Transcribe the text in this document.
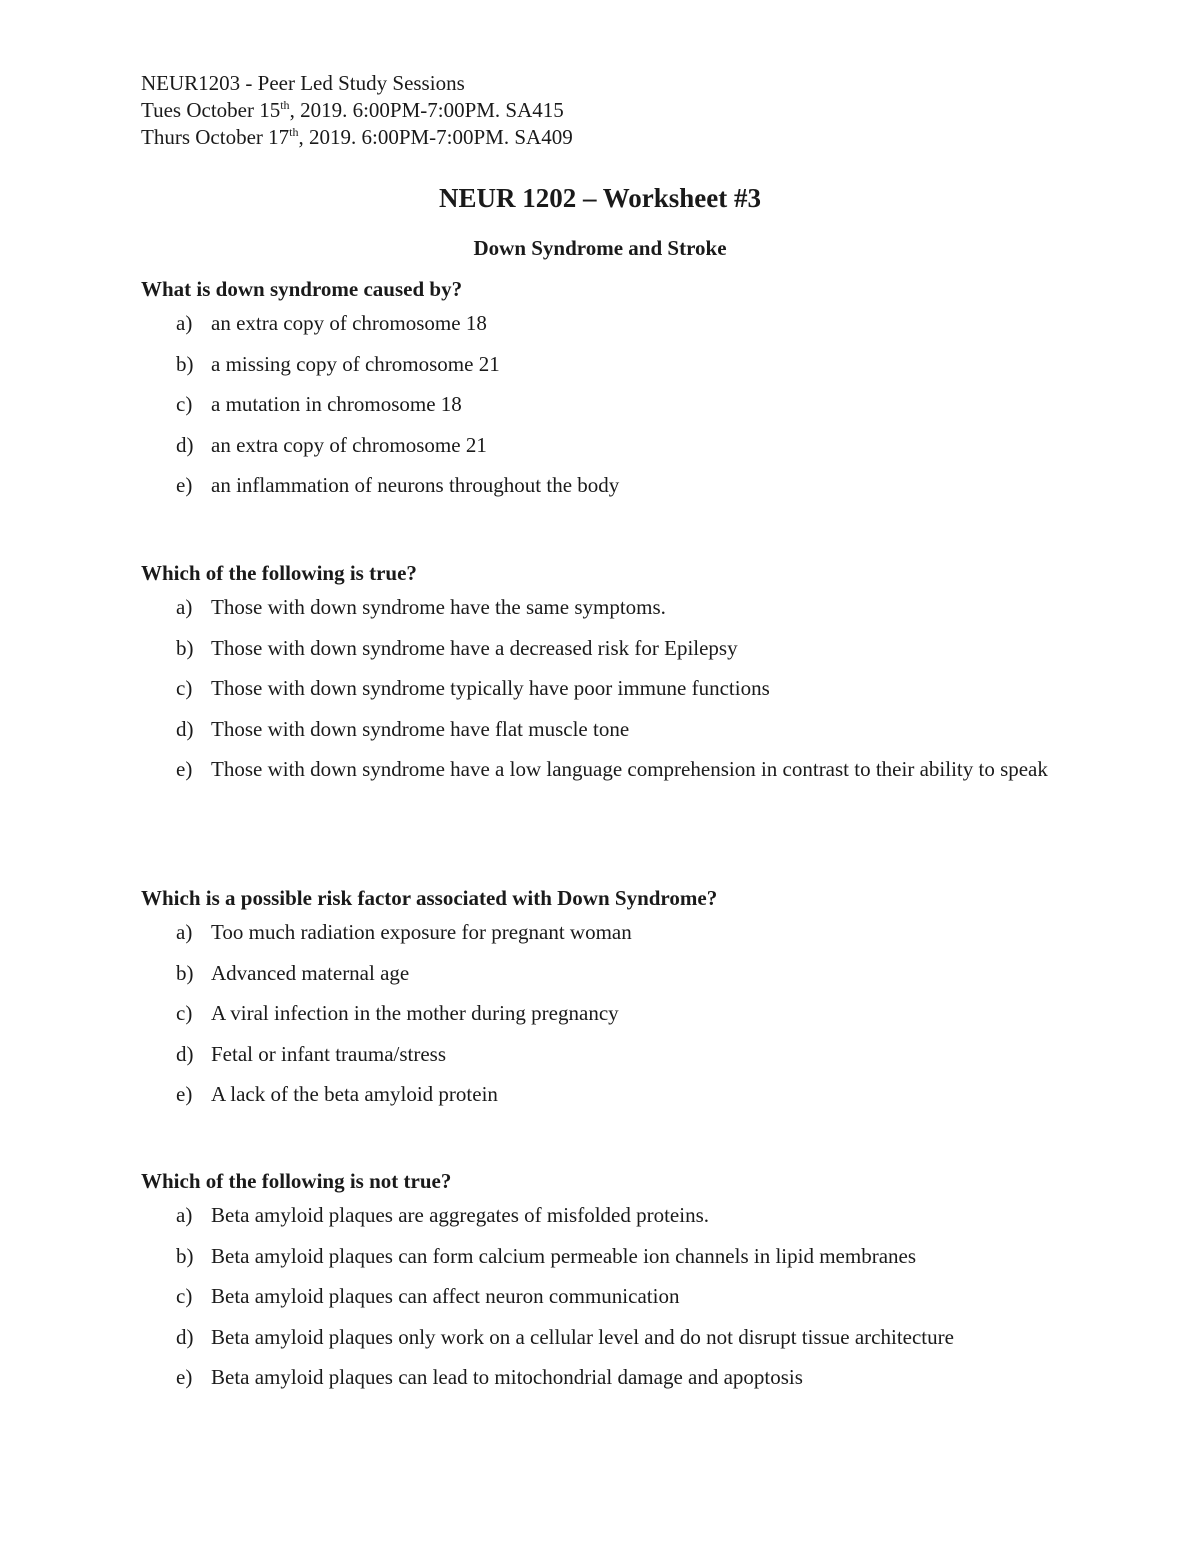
NEUR1203 - Peer Led Study Sessions
Tues October 15th, 2019. 6:00PM-7:00PM. SA415
Thurs October 17th, 2019. 6:00PM-7:00PM. SA409
NEUR 1202 – Worksheet #3
Down Syndrome and Stroke

What is down syndrome caused by?

a) an extra copy of chromosome 18
b) a missing copy of chromosome 21
c) a mutation in chromosome 18
d) an extra copy of chromosome 21
e) an inflammation of neurons throughout the body

Which of the following is true?

a) Those with down syndrome have the same symptoms.
b) Those with down syndrome have a decreased risk for Epilepsy
c) Those with down syndrome typically have poor immune functions
d) Those with down syndrome have flat muscle tone
e) Those with down syndrome have a low language comprehension in contrast to their ability to speak

Which is a possible risk factor associated with Down Syndrome?

a) Too much radiation exposure for pregnant woman
b) Advanced maternal age
c) A viral infection in the mother during pregnancy
d) Fetal or infant trauma/stress
e) A lack of the beta amyloid protein

Which of the following is not true?

a) Beta amyloid plaques are aggregates of misfolded proteins.
b) Beta amyloid plaques can form calcium permeable ion channels in lipid membranes
c) Beta amyloid plaques can affect neuron communication
d) Beta amyloid plaques only work on a cellular level and do not disrupt tissue architecture
e) Beta amyloid plaques can lead to mitochondrial damage and apoptosis
